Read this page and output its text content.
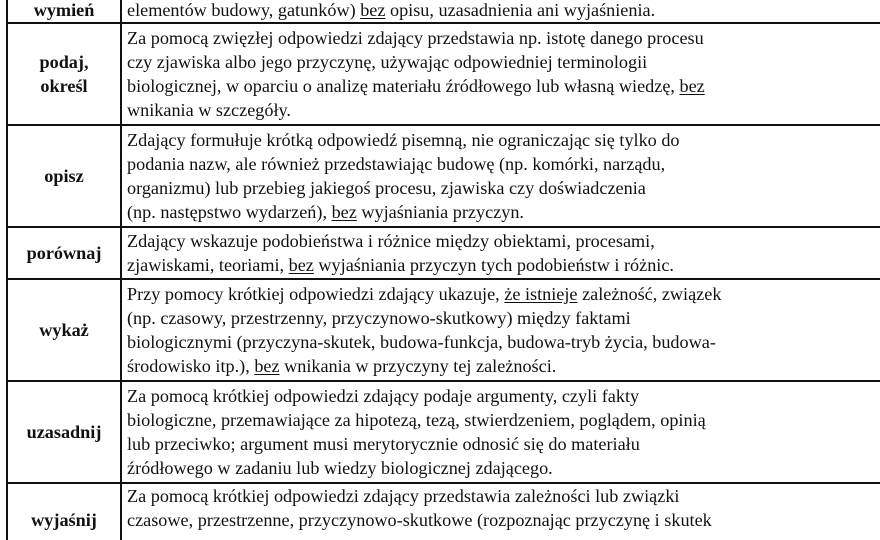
wymień	elementów budowy, gatunków) bez opisu, uzasadnienia ani wyjaśnienia.

podaj,
określ	Za pomocą zwięzłej odpowiedzi zdający przedstawia np. istotę danego procesu
czy zjawiska albo jego przyczynę, używając odpowiedniej terminologii
biologicznej, w oparciu o analizę materiału źródłowego lub własną wiedzę, bez
wnikania w szczegóły.

opisz	Zdający formułuje krótką odpowiedź pisemną, nie ograniczając się tylko do
podania nazw, ale również przedstawiając budowę (np. komórki, narządu,
organizmu) lub przebieg jakiegoś procesu, zjawiska czy doświadczenia
(np. następstwo wydarzeń), bez wyjaśniania przyczyn.

porównaj	Zdający wskazuje podobieństwa i różnice między obiektami, procesami,
zjawiskami, teoriami, bez wyjaśniania przyczyn tych podobieństw i różnic.

wykaż	Przy pomocy krótkiej odpowiedzi zdający ukazuje, że istnieje zależność, związek
(np. czasowy, przestrzenny, przyczynowo-skutkowy) między faktami
biologicznymi (przyczyna-skutek, budowa-funkcja, budowa-tryb życia, budowa-
środowisko itp.), bez wnikania w przyczyny tej zależności.

uzasadnij	Za pomocą krótkiej odpowiedzi zdający podaje argumenty, czyli fakty
biologiczne, przemawiające za hipotezą, tezą, stwierdzeniem, poglądem, opinią
lub przeciwko; argument musi merytorycznie odnosić się do materiału
źródłowego w zadaniu lub wiedzy biologicznej zdającego.

wyjaśnij	Za pomocą krótkiej odpowiedzi zdający przedstawia zależności lub związki
czasowe, przestrzenne, przyczynowo-skutkowe (rozpoznając przyczynę i skutek
